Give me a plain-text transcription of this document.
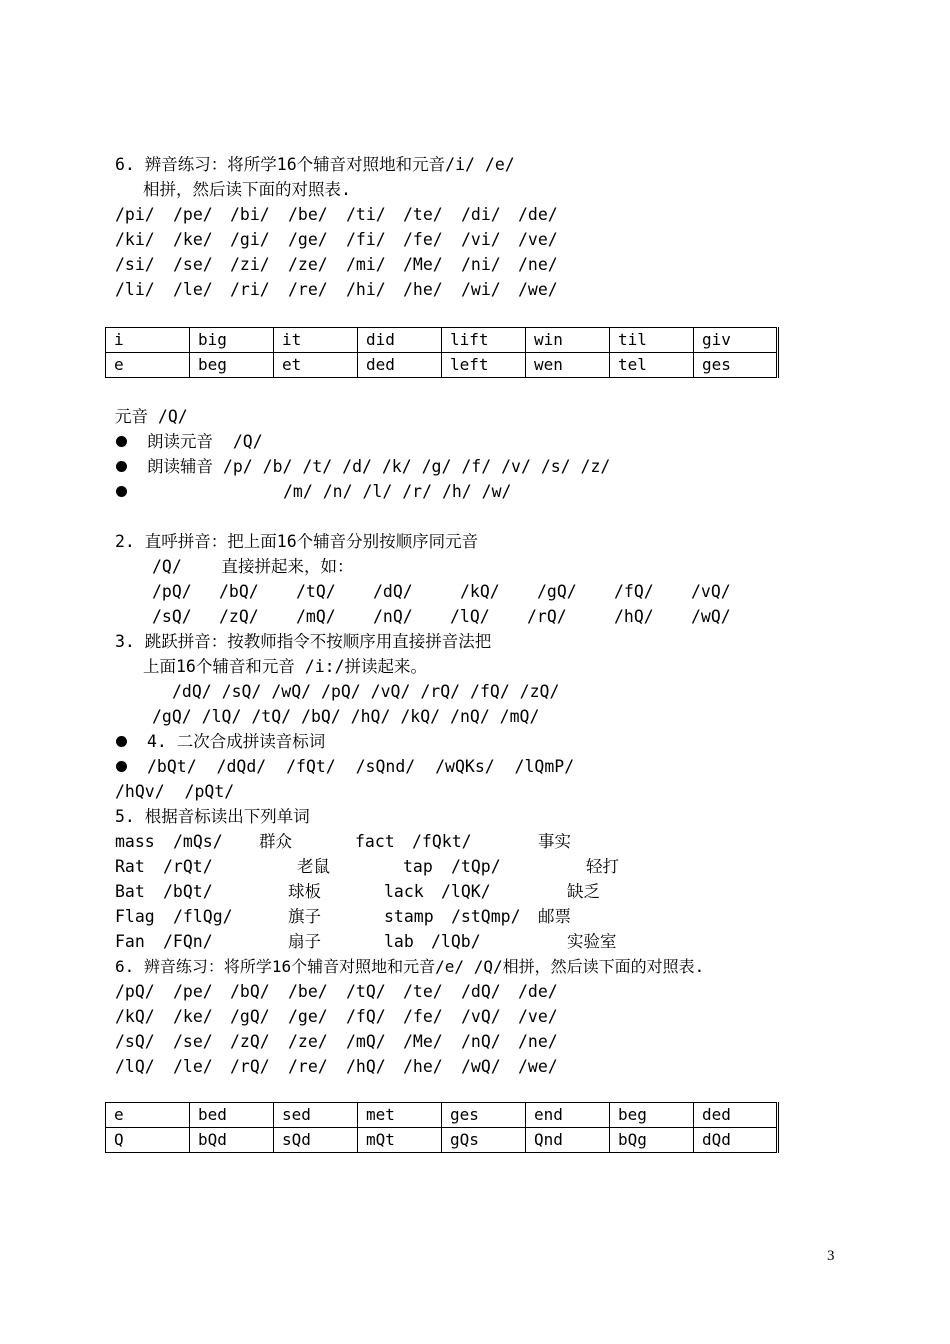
6. 辨音练习：将所学16个辅音对照地和元音/i/ /e/
相拼，然后读下面的对照表.
/pi/ /pe/ /bi/ /be/ /ti/ /te/ /di/ /de/
/ki/ /ke/ /gi/ /ge/ /fi/ /fe/ /vi/ /ve/
/si/ /se/ /zi/ /ze/ /mi/ /Me/ /ni/ /ne/
/li/ /le/ /ri/ /re/ /hi/ /he/ /wi/ /we/
i	big	it	did	lift	win	til	giv
e	beg	et	ded	left	wen	tel	ges
元音 /Q/
朗读元音  /Q/
朗读辅音 /p/ /b/ /t/ /d/ /k/ /g/ /f/ /v/ /s/ /z/
/m/ /n/ /l/ /r/ /h/ /w/
2. 直呼拼音：把上面16个辅音分别按顺序同元音
/Q/    直接拼起来，如：
/pQ/ /bQ/ /tQ/ /dQ/	/kQ/ /gQ/ /fQ/ /vQ/
/sQ/ /zQ/ /mQ/ /nQ/ /lQ/ /rQ/	/hQ/ /wQ/
3. 跳跃拼音：按教师指令不按顺序用直接拼音法把
上面16个辅音和元音 /i:/拼读起来。
/dQ/ /sQ/ /wQ/ /pQ/ /vQ/ /rQ/ /fQ/ /zQ/
/gQ/ /lQ/ /tQ/ /bQ/ /hQ/ /kQ/ /nQ/ /mQ/
4. 二次合成拼读音标词
/bQt/  /dQd/  /fQt/  /sQnd/  /wQKs/  /lQmP/
/hQv/  /pQt/
5. 根据音标读出下列单词
mass /mQs/ 群众	fact /fQkt/	事实
Rat /rQt/	老鼠	tap /tQp/	轻打
Bat /bQt/	球板	lack /lQK/	缺乏
Flag /flQg/	旗子	stamp /stQmp/ 邮票
Fan /FQn/	扇子	lab /lQb/	实验室
6. 辨音练习：将所学16个辅音对照地和元音/e/ /Q/相拼，然后读下面的对照表.
/pQ/ /pe/ /bQ/ /be/ /tQ/ /te/ /dQ/ /de/
/kQ/ /ke/ /gQ/ /ge/ /fQ/ /fe/ /vQ/ /ve/
/sQ/ /se/ /zQ/ /ze/ /mQ/ /Me/ /nQ/ /ne/
/lQ/ /le/ /rQ/ /re/ /hQ/ /he/ /wQ/ /we/
e	bed	sed	met	ges	end	beg	ded
Q	bQd	sQd	mQt	gQs	Qnd	bQg	dQd
3
